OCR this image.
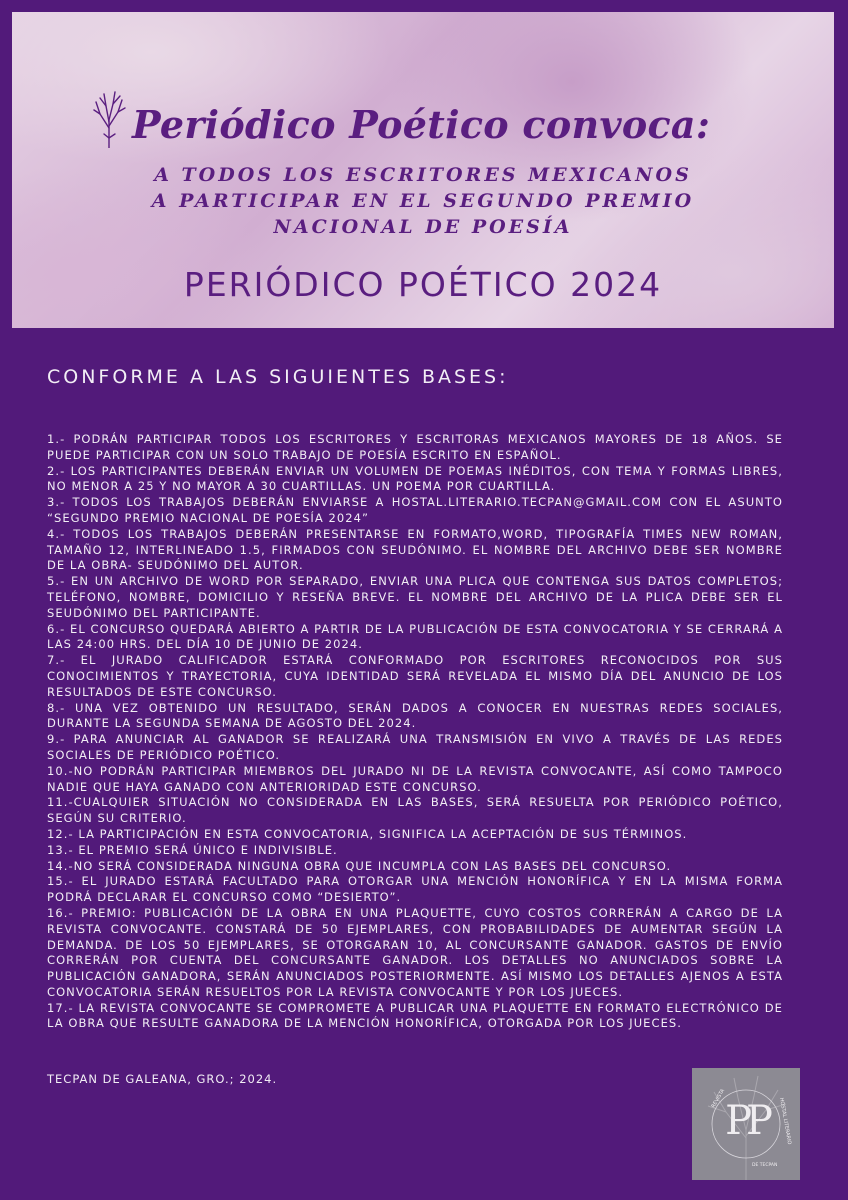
Periódico Poético convoca:
A TODOS LOS ESCRITORES MEXICANOS
A PARTICIPAR EN EL SEGUNDO PREMIO
NACIONAL DE POESÍA
PERIÓDICO POÉTICO 2024
CONFORME A LAS SIGUIENTES BASES:

1.- PODRÁN PARTICIPAR TODOS LOS ESCRITORES Y ESCRITORAS MEXICANOS MAYORES DE 18 AÑOS. SE PUEDE PARTICIPAR CON UN SOLO TRABAJO DE POESÍA ESCRITO EN ESPAÑOL.

2.- LOS PARTICIPANTES DEBERÁN ENVIAR UN VOLUMEN DE POEMAS INÉDITOS, CON TEMA Y FORMAS LIBRES, NO MENOR A 25 Y NO MAYOR A 30 CUARTILLAS. UN POEMA POR CUARTILLA.

3.- TODOS LOS TRABAJOS DEBERÁN ENVIARSE A HOSTAL.LITERARIO.TECPAN@GMAIL.COM CON EL ASUNTO “SEGUNDO PREMIO NACIONAL DE POESÍA 2024”

4.- TODOS LOS TRABAJOS DEBERÁN PRESENTARSE EN FORMATO,WORD, TIPOGRAFÍA TIMES NEW ROMAN, TAMAÑO 12, INTERLINEADO 1.5, FIRMADOS CON SEUDÓNIMO. EL NOMBRE DEL ARCHIVO DEBE SER NOMBRE DE LA OBRA- SEUDÓNIMO DEL AUTOR.

5.- EN UN ARCHIVO DE WORD POR SEPARADO, ENVIAR UNA PLICA QUE CONTENGA SUS DATOS COMPLETOS; TELÉFONO, NOMBRE, DOMICILIO Y RESEÑA BREVE. EL NOMBRE DEL ARCHIVO DE LA PLICA DEBE SER EL SEUDÓNIMO DEL PARTICIPANTE.

6.- EL CONCURSO QUEDARÁ ABIERTO A PARTIR DE LA PUBLICACIÓN DE ESTA CONVOCATORIA Y SE CERRARÁ A LAS 24:00 HRS. DEL DÍA 10 DE JUNIO DE 2024.

7.- EL JURADO CALIFICADOR ESTARÁ CONFORMADO POR ESCRITORES RECONOCIDOS POR SUS CONOCIMIENTOS Y TRAYECTORIA, CUYA IDENTIDAD SERÁ REVELADA EL MISMO DÍA DEL ANUNCIO DE LOS RESULTADOS DE ESTE CONCURSO.

8.- UNA VEZ OBTENIDO UN RESULTADO, SERÁN DADOS A CONOCER EN NUESTRAS REDES SOCIALES, DURANTE LA SEGUNDA SEMANA DE AGOSTO DEL 2024.

9.- PARA ANUNCIAR AL GANADOR SE REALIZARÁ UNA TRANSMISIÓN EN VIVO A TRAVÉS DE LAS REDES SOCIALES DE PERIÓDICO POÉTICO.

10.-NO PODRÁN PARTICIPAR MIEMBROS DEL JURADO NI DE LA REVISTA CONVOCANTE, ASÍ COMO TAMPOCO NADIE QUE HAYA GANADO CON ANTERIORIDAD ESTE CONCURSO.

11.-CUALQUIER SITUACIÓN NO CONSIDERADA EN LAS BASES, SERÁ RESUELTA POR PERIÓDICO POÉTICO, SEGÚN SU CRITERIO.

12.- LA PARTICIPACIÓN EN ESTA CONVOCATORIA, SIGNIFICA LA ACEPTACIÓN DE SUS TÉRMINOS.

13.- EL PREMIO SERÁ ÚNICO E INDIVISIBLE.

14.-NO SERÁ CONSIDERADA NINGUNA OBRA QUE INCUMPLA CON LAS BASES DEL CONCURSO.

15.- EL JURADO ESTARÁ FACULTADO PARA OTORGAR UNA MENCIÓN HONORÍFICA Y EN LA MISMA FORMA PODRÁ DECLARAR EL CONCURSO COMO “DESIERTO”.

16.- PREMIO: PUBLICACIÓN DE LA OBRA EN UNA PLAQUETTE, CUYO COSTOS CORRERÁN A CARGO DE LA REVISTA CONVOCANTE. CONSTARÁ DE 50 EJEMPLARES, CON PROBABILIDADES DE AUMENTAR SEGÚN LA DEMANDA. DE LOS 50 EJEMPLARES, SE OTORGARAN 10, AL CONCURSANTE GANADOR. GASTOS DE ENVÍO CORRERÁN POR CUENTA DEL CONCURSANTE GANADOR. LOS DETALLES NO ANUNCIADOS SOBRE LA PUBLICACIÓN GANADORA, SERÁN ANUNCIADOS POSTERIORMENTE. ASÍ MISMO LOS DETALLES AJENOS A ESTA CONVOCATORIA SERÁN RESUELTOS POR LA REVISTA CONVOCANTE Y POR LOS JUECES.

17.- LA REVISTA CONVOCANTE SE COMPROMETE A PUBLICAR UNA PLAQUETTE EN FORMATO ELECTRÓNICO DE LA OBRA QUE RESULTE GANADORA DE LA MENCIÓN HONORÍFICA, OTORGADA POR LOS JUECES.

TECPAN DE GALEANA, GRO.; 2024.
REVISTA	HOSTAL LITERARIO
DE TECPAN
PP
